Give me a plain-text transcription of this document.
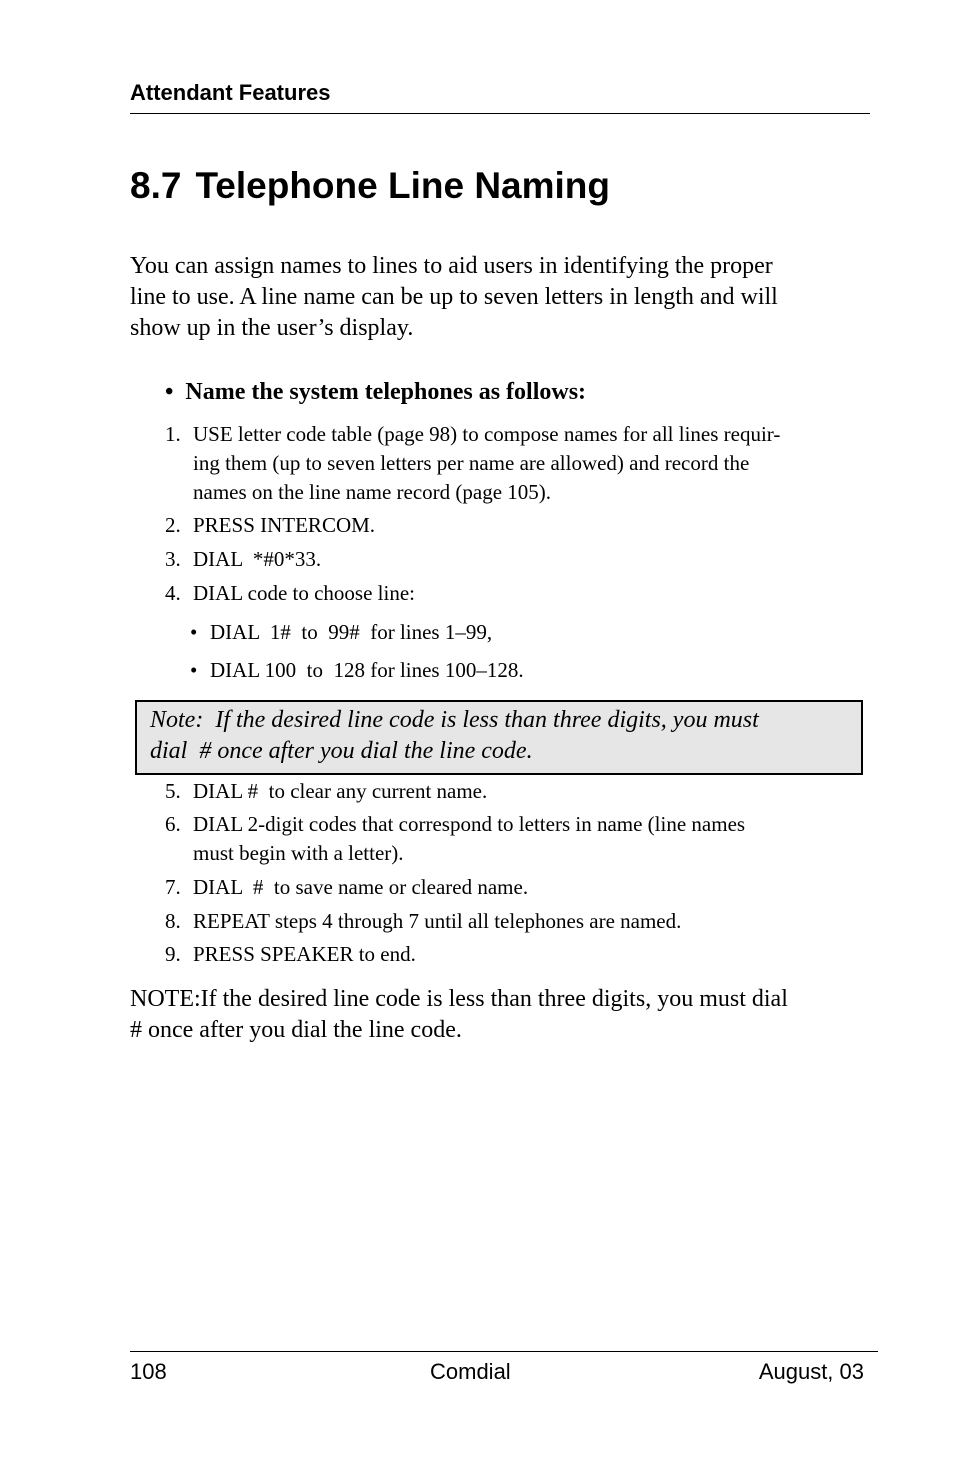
Attendant Features
8.7 Telephone Line Naming
You can assign names to lines to aid users in identifying the proper
line to use. A line name can be up to seven letters in length and will
show up in the user’s display.
• Name the system telephones as follows:
1. USE letter code table (page 98) to compose names for all lines requir-
ing them (up to seven letters per name are allowed) and record the
names on the line name record (page 105).
2. PRESS INTERCOM.
3. DIAL  *#0*33.
4. DIAL code to choose line:
• DIAL  1#  to  99#  for lines 1–99,
• DIAL 100  to  128 for lines 100–128.
Note:  If the desired line code is less than three digits, you must
dial  # once after you dial the line code.
5. DIAL #  to clear any current name.
6. DIAL 2-digit codes that correspond to letters in name (line names
must begin with a letter).
7. DIAL  #  to save name or cleared name.
8. REPEAT steps 4 through 7 until all telephones are named.
9. PRESS SPEAKER to end.
NOTE:If the desired line code is less than three digits, you must dial
# once after you dial the line code.
108	Comdial	August, 03
